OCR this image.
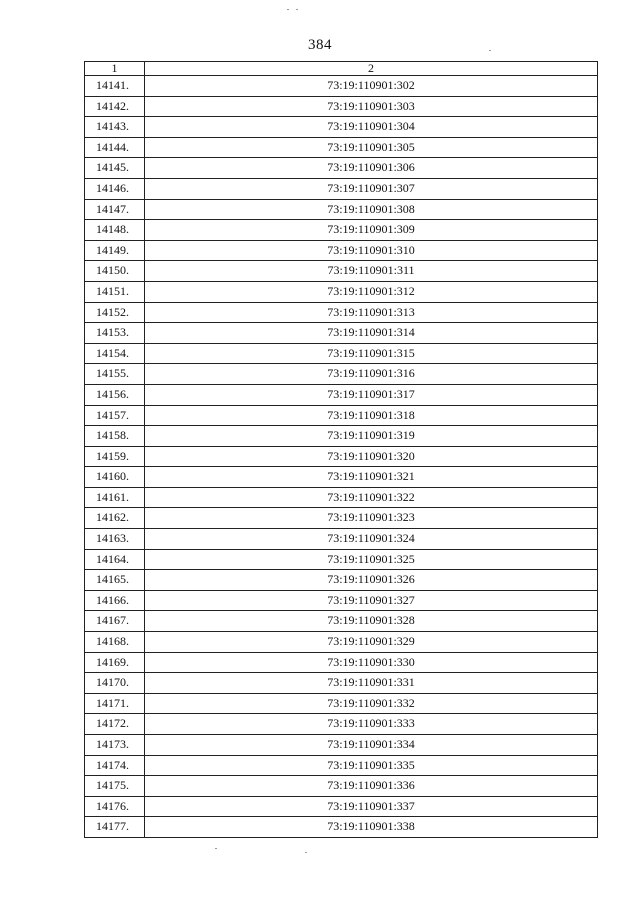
384
1	2
14141.	73:19:110901:302
14142.	73:19:110901:303
14143.	73:19:110901:304
14144.	73:19:110901:305
14145.	73:19:110901:306
14146.	73:19:110901:307
14147.	73:19:110901:308
14148.	73:19:110901:309
14149.	73:19:110901:310
14150.	73:19:110901:311
14151.	73:19:110901:312
14152.	73:19:110901:313
14153.	73:19:110901:314
14154.	73:19:110901:315
14155.	73:19:110901:316
14156.	73:19:110901:317
14157.	73:19:110901:318
14158.	73:19:110901:319
14159.	73:19:110901:320
14160.	73:19:110901:321
14161.	73:19:110901:322
14162.	73:19:110901:323
14163.	73:19:110901:324
14164.	73:19:110901:325
14165.	73:19:110901:326
14166.	73:19:110901:327
14167.	73:19:110901:328
14168.	73:19:110901:329
14169.	73:19:110901:330
14170.	73:19:110901:331
14171.	73:19:110901:332
14172.	73:19:110901:333
14173.	73:19:110901:334
14174.	73:19:110901:335
14175.	73:19:110901:336
14176.	73:19:110901:337
14177.	73:19:110901:338
